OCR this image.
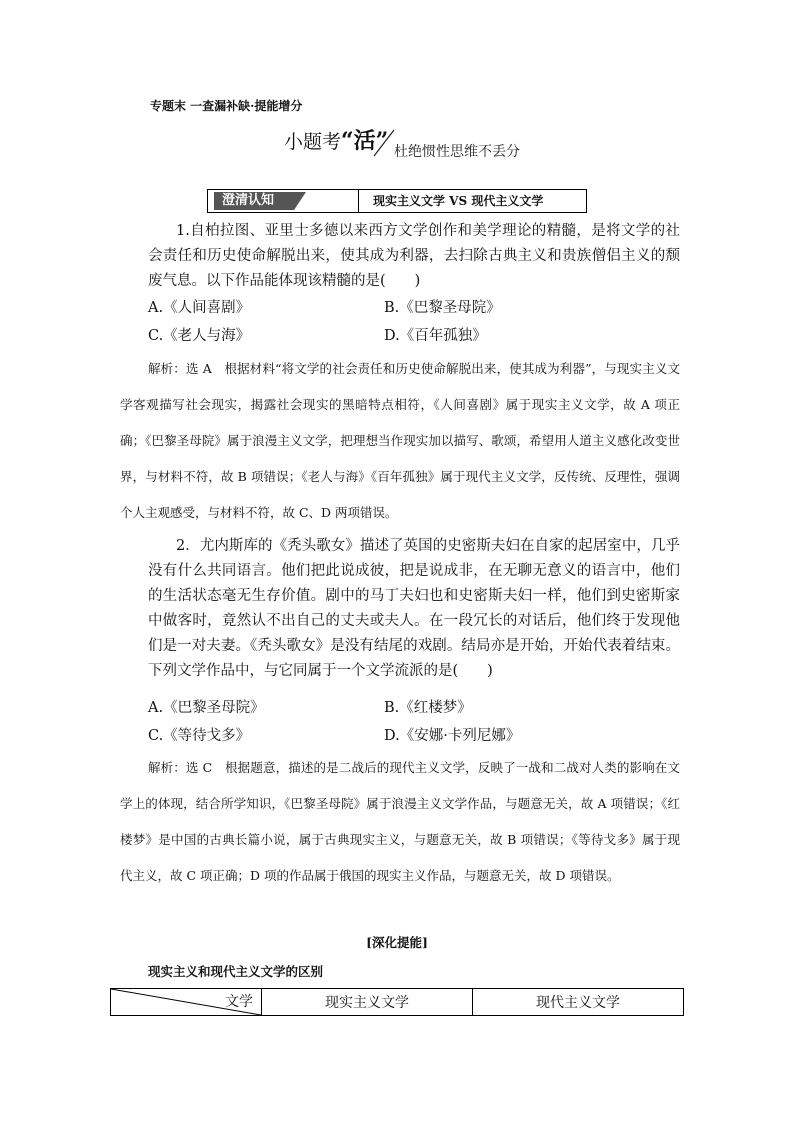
专题末 一查漏补缺·提能增分
小题考“活” 杜绝惯性思维不丢分
澄清认知	现实主义文学 VS 现代主义文学
1.自柏拉图、亚里士多德以来西方文学创作和美学理论的精髓，是将文学的社会责任和历史使命解脱出来，使其成为利器，去扫除古典主义和贵族僧侣主义的颓废气息。以下作品能体现该精髓的是(　　)
A.《人间喜剧》	B.《巴黎圣母院》
C.《老人与海》	D.《百年孤独》

解析：选 A　根据材料“将文学的社会责任和历史使命解脱出来，使其成为利器”，与现实主义文学客观描写社会现实，揭露社会现实的黑暗特点相符，《人间喜剧》属于现实主义文学，故 A 项正确；《巴黎圣母院》属于浪漫主义文学，把理想当作现实加以描写、歌颂，希望用人道主义感化改变世界，与材料不符，故 B 项错误；《老人与海》《百年孤独》属于现代主义文学，反传统、反理性，强调个人主观感受，与材料不符，故 C、D 两项错误。

2．尤内斯库的《秃头歌女》描述了英国的史密斯夫妇在自家的起居室中，几乎没有什么共同语言。他们把此说成彼，把是说成非，在无聊无意义的语言中，他们的生活状态毫无生存价值。剧中的马丁夫妇也和史密斯夫妇一样，他们到史密斯家中做客时，竟然认不出自己的丈夫或夫人。在一段冗长的对话后，他们终于发现他们是一对夫妻。《秃头歌女》是没有结尾的戏剧。结局亦是开始，开始代表着结束。下列文学作品中，与它同属于一个文学流派的是(　　)
A.《巴黎圣母院》	B.《红楼梦》
C.《等待戈多》	D.《安娜·卡列尼娜》

解析：选 C　根据题意，描述的是二战后的现代主义文学，反映了一战和二战对人类的影响在文学上的体现，结合所学知识，《巴黎圣母院》属于浪漫主义文学作品，与题意无关，故 A 项错误；《红楼梦》是中国的古典长篇小说，属于古典现实主义，与题意无关，故 B 项错误；《等待戈多》属于现代主义，故 C 项正确；D 项的作品属于俄国的现实主义作品，与题意无关，故 D 项错误。

[深化提能]
现实主义和现代主义文学的区别
文学	现实主义文学	现代主义文学
